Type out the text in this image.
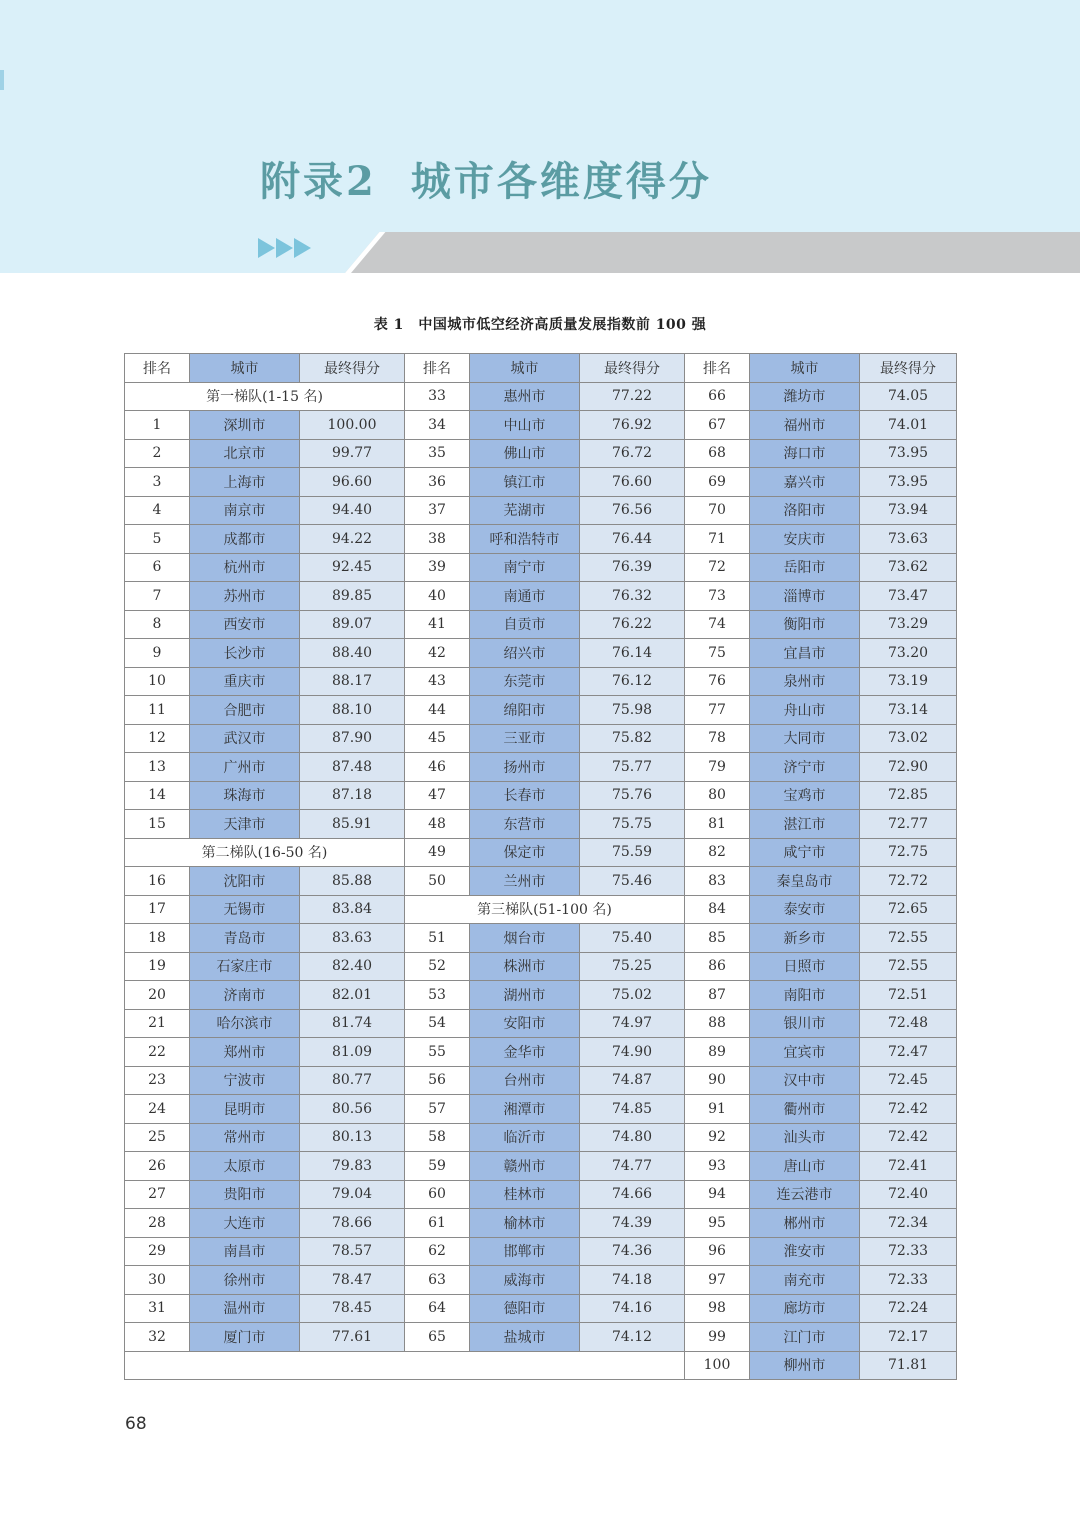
附录2 城市各维度得分
表 1　中国城市低空经济高质量发展指数前 100 强
排名	城市	最终得分	排名	城市	最终得分	排名	城市	最终得分
第一梯队(1-15 名)			33	惠州市	77.22	66	潍坊市	74.05
1	深圳市	100.00	34	中山市	76.92	67	福州市	74.01
2	北京市	99.77	35	佛山市	76.72	68	海口市	73.95
3	上海市	96.60	36	镇江市	76.60	69	嘉兴市	73.95
4	南京市	94.40	37	芜湖市	76.56	70	洛阳市	73.94
5	成都市	94.22	38	呼和浩特市	76.44	71	安庆市	73.63
6	杭州市	92.45	39	南宁市	76.39	72	岳阳市	73.62
7	苏州市	89.85	40	南通市	76.32	73	淄博市	73.47
8	西安市	89.07	41	自贡市	76.22	74	衡阳市	73.29
9	长沙市	88.40	42	绍兴市	76.14	75	宜昌市	73.20
10	重庆市	88.17	43	东莞市	76.12	76	泉州市	73.19
11	合肥市	88.10	44	绵阳市	75.98	77	舟山市	73.14
12	武汉市	87.90	45	三亚市	75.82	78	大同市	73.02
13	广州市	87.48	46	扬州市	75.77	79	济宁市	72.90
14	珠海市	87.18	47	长春市	75.76	80	宝鸡市	72.85
15	天津市	85.91	48	东营市	75.75	81	湛江市	72.77
第二梯队(16-50 名)			49	保定市	75.59	82	咸宁市	72.75
16	沈阳市	85.88	50	兰州市	75.46	83	秦皇岛市	72.72
17	无锡市	83.84	第三梯队(51-100 名)			84	泰安市	72.65
18	青岛市	83.63	51	烟台市	75.40	85	新乡市	72.55
19	石家庄市	82.40	52	株洲市	75.25	86	日照市	72.55
20	济南市	82.01	53	湖州市	75.02	87	南阳市	72.51
21	哈尔滨市	81.74	54	安阳市	74.97	88	银川市	72.48
22	郑州市	81.09	55	金华市	74.90	89	宜宾市	72.47
23	宁波市	80.77	56	台州市	74.87	90	汉中市	72.45
24	昆明市	80.56	57	湘潭市	74.85	91	衢州市	72.42
25	常州市	80.13	58	临沂市	74.80	92	汕头市	72.42
26	太原市	79.83	59	赣州市	74.77	93	唐山市	72.41
27	贵阳市	79.04	60	桂林市	74.66	94	连云港市	72.40
28	大连市	78.66	61	榆林市	74.39	95	郴州市	72.34
29	南昌市	78.57	62	邯郸市	74.36	96	淮安市	72.33
30	徐州市	78.47	63	威海市	74.18	97	南充市	72.33
31	温州市	78.45	64	德阳市	74.16	98	廊坊市	72.24
32	厦门市	77.61	65	盐城市	74.12	99	江门市	72.17
						100	柳州市	71.81
68
